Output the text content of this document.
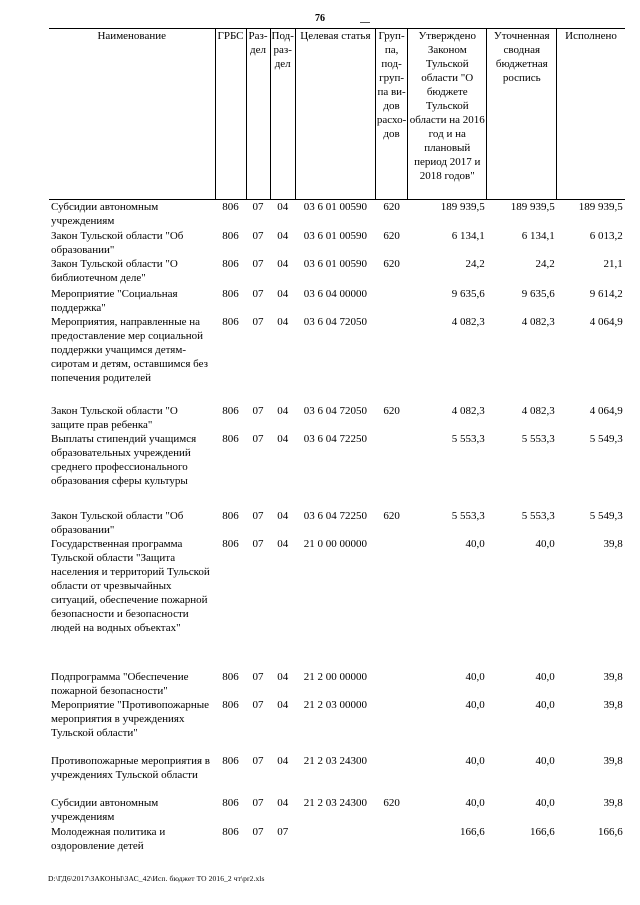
76
Наименование	ГРБС	Раз-дел	Под-раз-дел	Целевая статья	Груп-па, под-груп-па ви-дов расхо-дов	Утверждено Законом Тульской области "О бюджете Тульской области на 2016 год и на плановый период 2017 и 2018 годов"	Уточненная сводная бюджетная роспись	Исполнено
Субсидии автономным учреждениям	806	07	04	03 6 01 00590	620	189 939,5	189 939,5	189 939,5
Закон Тульской области "Об образовании"	806	07	04	03 6 01 00590	620	6 134,1	6 134,1	6 013,2
Закон Тульской области "О библиотечном деле"	806	07	04	03 6 01 00590	620	24,2	24,2	21,1
Мероприятие "Социальная поддержка"	806	07	04	03 6 04 00000		9 635,6	9 635,6	9 614,2
Мероприятия, направленные на предоставление мер социальной поддержки учащимся детям-сиротам и детям, оставшимся без попечения родителей	806	07	04	03 6 04 72050		4 082,3	4 082,3	4 064,9
Закон Тульской области "О защите прав ребенка"	806	07	04	03 6 04 72050	620	4 082,3	4 082,3	4 064,9
Выплаты стипендий учащимся образовательных учреждений среднего профессионального образования сферы культуры	806	07	04	03 6 04 72250		5 553,3	5 553,3	5 549,3
Закон Тульской области "Об образовании"	806	07	04	03 6 04 72250	620	5 553,3	5 553,3	5 549,3
Государственная программа Тульской области "Защита населения и территорий Тульской области от чрезвычайных ситуаций, обеспечение пожарной безопасности и безопасности людей на водных объектах"	806	07	04	21 0 00 00000		40,0	40,0	39,8
Подпрограмма "Обеспечение пожарной безопасности"	806	07	04	21 2 00 00000		40,0	40,0	39,8
Мероприятие "Противопожарные мероприятия в учреждениях Тульской области"	806	07	04	21 2 03 00000		40,0	40,0	39,8
Противопожарные мероприятия в учреждениях Тульской области	806	07	04	21 2 03 24300		40,0	40,0	39,8
Субсидии автономным учреждениям	806	07	04	21 2 03 24300	620	40,0	40,0	39,8
Молодежная политика и оздоровление детей	806	07	07			166,6	166,6	166,6
D:\ГД6\2017\ЗАКОНЫ\ЗАС_42\Исп. бюджет ТО 2016_2 чт\pr2.xls
